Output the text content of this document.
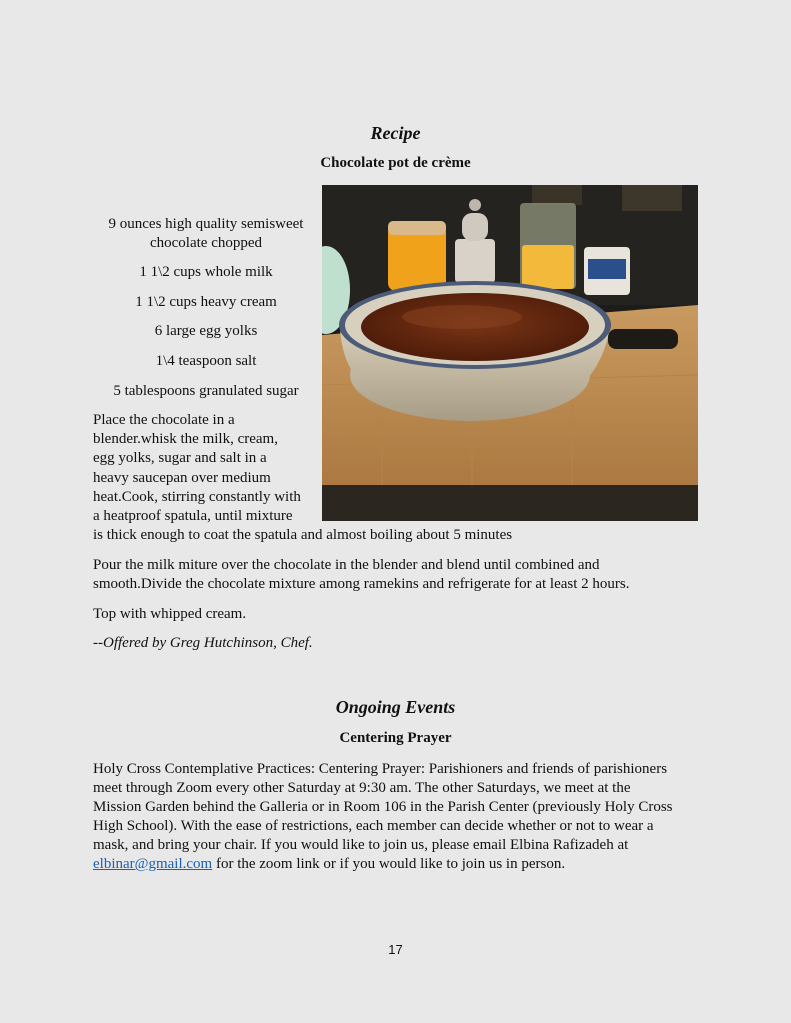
Recipe
Chocolate pot de crème
9 ounces high quality semisweet
chocolate chopped
1 1\2 cups whole milk
1 1\2 cups heavy cream
6 large egg yolks
1\4 teaspoon salt
5 tablespoons granulated sugar
Place the chocolate in a
blender.whisk the milk, cream,
egg yolks, sugar and salt in a
heavy saucepan over medium
heat.Cook, stirring constantly with
a heatproof spatula, until mixture
is thick enough to coat the spatula and almost boiling about 5 minutes
Pour the milk miture over the chocolate in the blender and blend until combined and
smooth.Divide the chocolate mixture among ramekins and refrigerate for at least 2 hours.
Top with whipped cream.
--Offered by Greg Hutchinson, Chef.
Ongoing Events
Centering Prayer
Holy Cross Contemplative Practices: Centering Prayer: Parishioners and friends of parishioners
meet through Zoom every other Saturday at 9:30 am. The other Saturdays, we meet at the
Mission Garden behind the Galleria or in Room 106 in the Parish Center (previously Holy Cross
High School). With the ease of restrictions, each member can decide whether or not to wear a
mask, and bring your chair. If you would like to join us, please email Elbina Rafizadeh at
elbinar@gmail.com for the zoom link or if you would like to join us in person.
17
